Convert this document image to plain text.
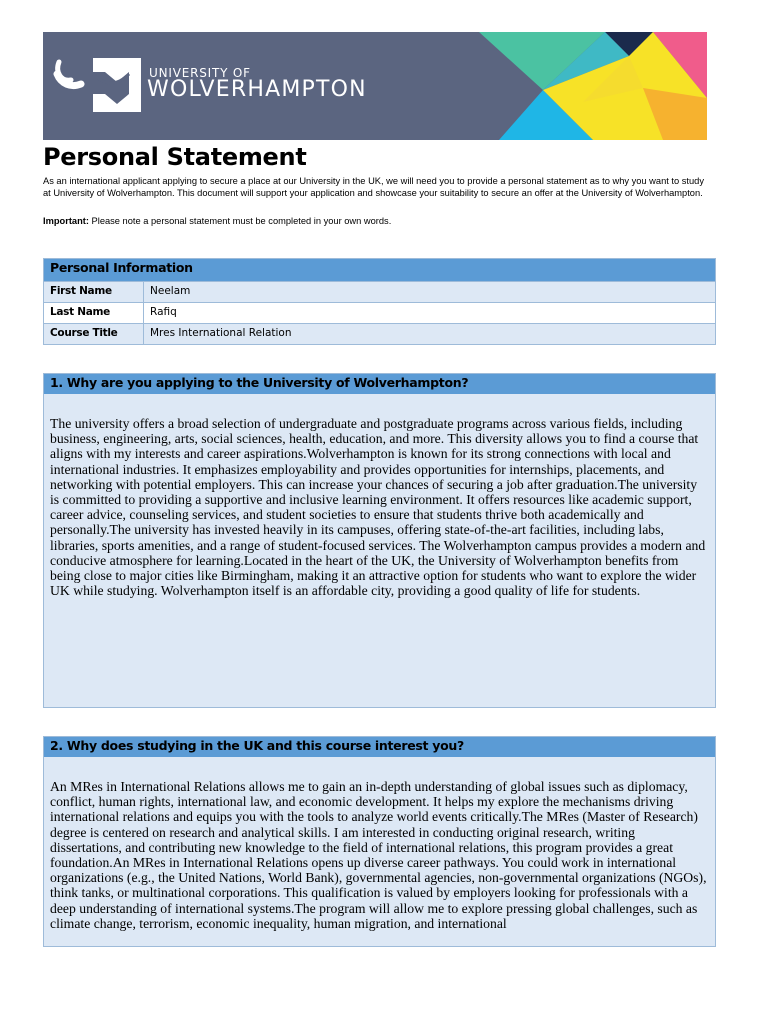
UNIVERSITY OF
WOLVERHAMPTON
Personal Statement
As an international applicant applying to secure a place at our University in the UK, we will need you to provide a personal statement as to why you want to study at University of Wolverhampton. This document will support your application and showcase your suitability to secure an offer at the University of Wolverhampton.
Important: Please note a personal statement must be completed in your own words.
Personal Information
First Name	Neelam
Last Name	Rafiq
Course Title	Mres International Relation
1. Why are you applying to the University of Wolverhampton?
The university offers a broad selection of undergraduate and postgraduate programs across various fields, including business, engineering, arts, social sciences, health, education, and more. This diversity allows you to find a course that aligns with my interests and career aspirations.Wolverhampton is known for its strong connections with local and international industries. It emphasizes employability and provides opportunities for internships, placements, and networking with potential employers. This can increase your chances of securing a job after graduation.The university is committed to providing a supportive and inclusive learning environment. It offers resources like academic support, career advice, counseling services, and student societies to ensure that students thrive both academically and personally.The university has invested heavily in its campuses, offering state-of-the-art facilities, including labs, libraries, sports amenities, and a range of student-focused services. The Wolverhampton campus provides a modern and conducive atmosphere for learning.Located in the heart of the UK, the University of Wolverhampton benefits from being close to major cities like Birmingham, making it an attractive option for students who want to explore the wider UK while studying. Wolverhampton itself is an affordable city, providing a good quality of life for students.
2. Why does studying in the UK and this course interest you?
An MRes in International Relations allows me to gain an in-depth understanding of global issues such as diplomacy, conflict, human rights, international law, and economic development. It helps my explore the mechanisms driving international relations and equips you with the tools to analyze world events critically.The MRes (Master of Research) degree is centered on research and analytical skills. I am interested in conducting original research, writing dissertations, and contributing new knowledge to the field of international relations, this program provides a great foundation.An MRes in International Relations opens up diverse career pathways. You could work in international organizations (e.g., the United Nations, World Bank), governmental agencies, non-governmental organizations (NGOs), think tanks, or multinational corporations. This qualification is valued by employers looking for professionals with a deep understanding of international systems.The program will allow me to explore pressing global challenges, such as climate change, terrorism, economic inequality, human migration, and international
